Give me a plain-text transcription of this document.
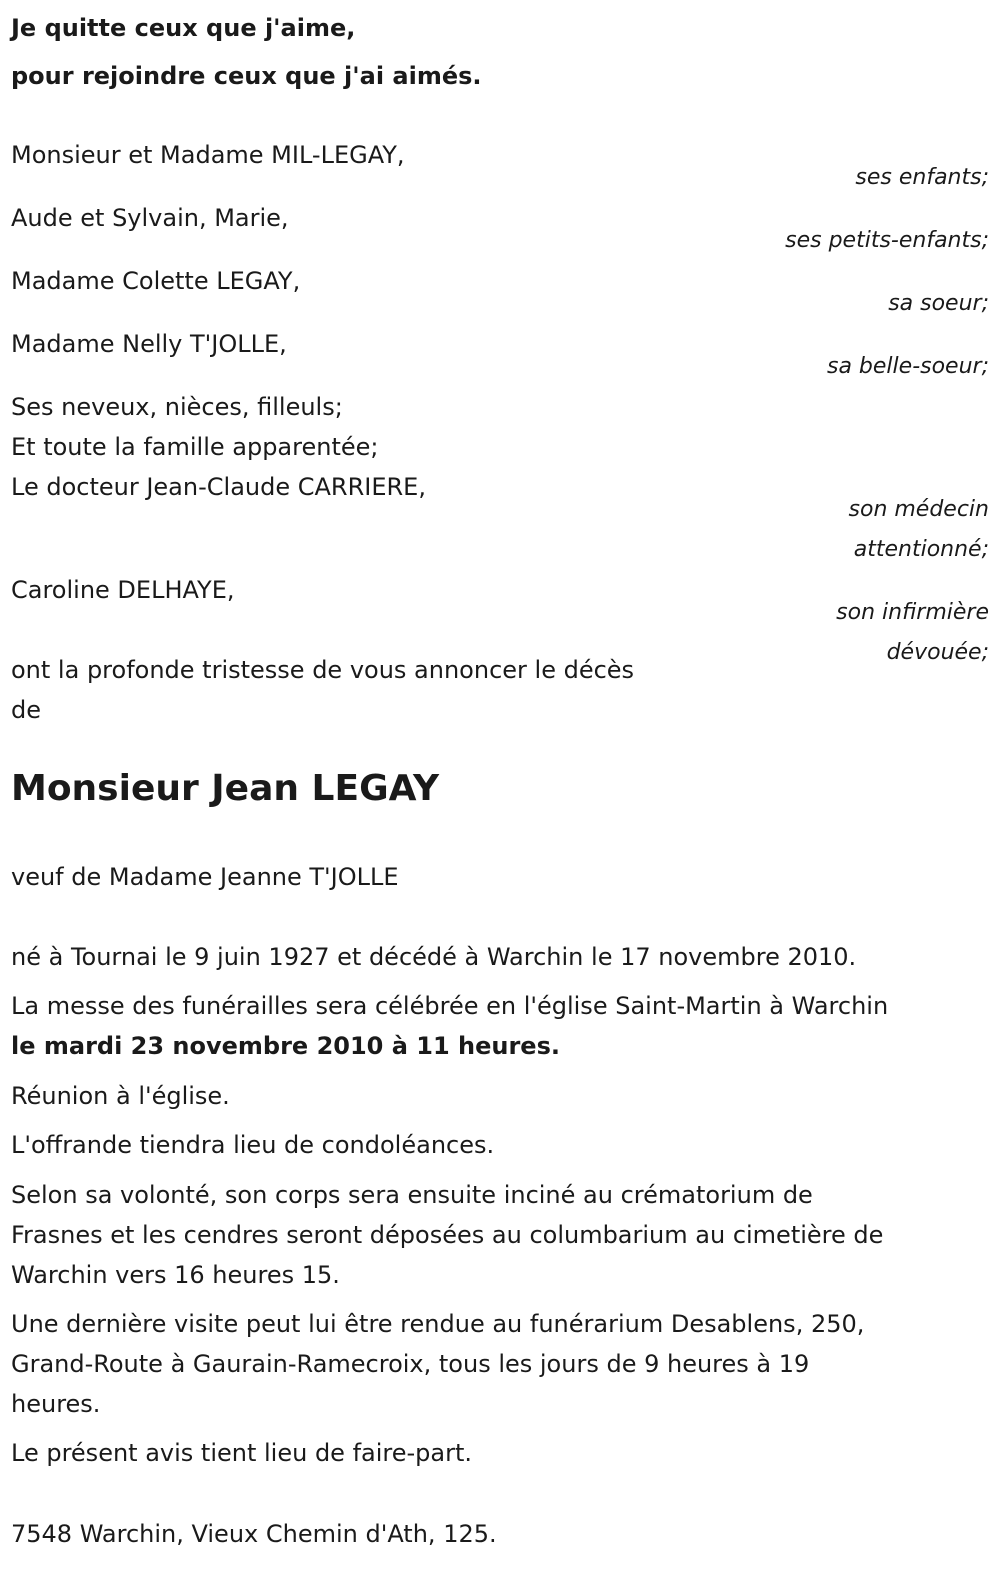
Je quitte ceux que j'aime,
pour rejoindre ceux que j'ai aimés.
Monsieur et Madame MIL-LEGAY,
ses enfants;
Aude et Sylvain, Marie,
ses petits-enfants;
Madame Colette LEGAY,
sa soeur;
Madame Nelly T'JOLLE,
sa belle-soeur;
Ses neveux, nièces, filleuls;
Et toute la famille apparentée;
Le docteur Jean-Claude CARRIERE,
son médecin
attentionné;
Caroline DELHAYE,
son infirmière
dévouée;
ont la profonde tristesse de vous annoncer le décès
de
Monsieur Jean LEGAY
veuf de Madame Jeanne T'JOLLE
né à Tournai le 9 juin 1927 et décédé à Warchin le 17 novembre 2010.
La messe des funérailles sera célébrée en l'église Saint-Martin à Warchin
le mardi 23 novembre 2010 à 11 heures.
Réunion à l'église.
L'offrande tiendra lieu de condoléances.
Selon sa volonté, son corps sera ensuite inciné au crématorium de
Frasnes et les cendres seront déposées au columbarium au cimetière de
Warchin vers 16 heures 15.
Une dernière visite peut lui être rendue au funérarium Desablens, 250,
Grand-Route à Gaurain-Ramecroix, tous les jours de 9 heures à 19
heures.
Le présent avis tient lieu de faire-part.
7548 Warchin, Vieux Chemin d'Ath, 125.
